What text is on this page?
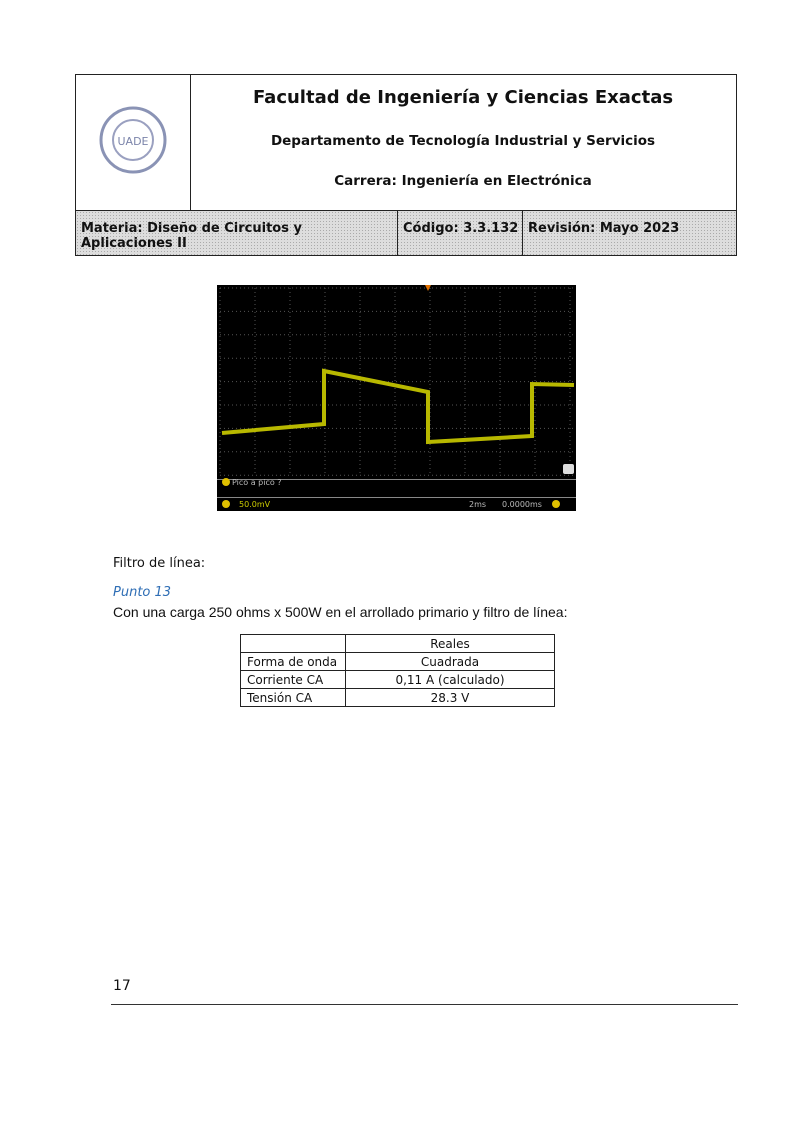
UADE
Facultad de Ingeniería y Ciencias Exactas
Departamento de Tecnología Industrial y Servicios
Carrera: Ingeniería en Electrónica
Materia: Diseño de Circuitos y Aplicaciones II
Código: 3.3.132 Revisión: Mayo 2023
Pico a pico ?
50.0mV	2ms 0.0000ms
Filtro de línea:
Punto 13
Con una carga 250 ohms x 500W en el arrollado primario y filtro de línea:
	Reales
Forma de onda	Cuadrada
Corriente CA	0,11 A (calculado)
Tensión CA	28.3 V
17
